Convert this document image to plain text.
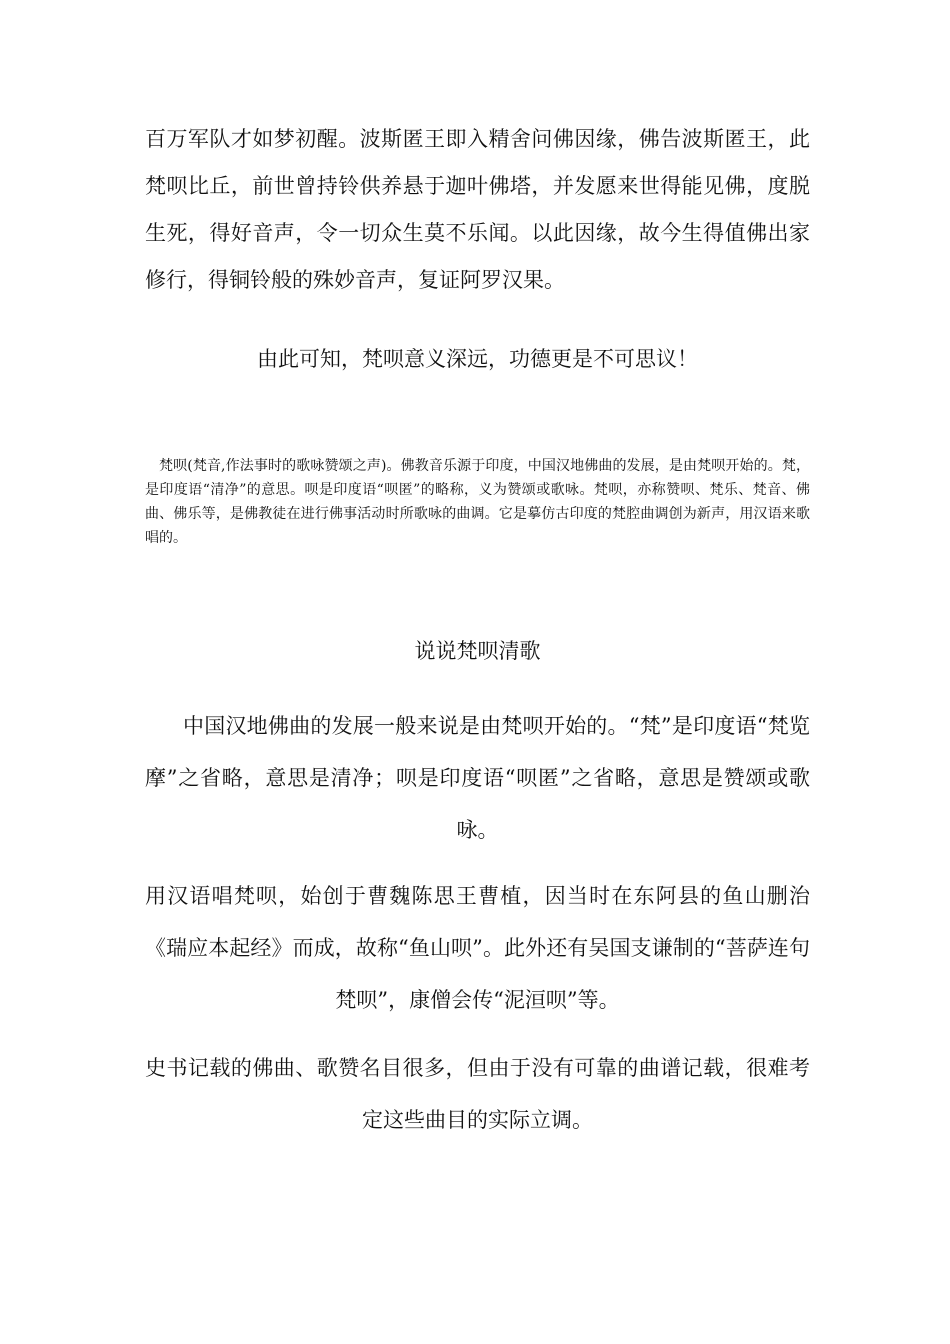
百万军队才如梦初醒。波斯匿王即入精舍问佛因缘，佛告波斯匿王，此梵呗比丘，前世曾持铃供养悬于迦叶佛塔，并发愿来世得能见佛，度脱生死，得好音声，令一切众生莫不乐闻。以此因缘，故今生得值佛出家修行，得铜铃般的殊妙音声，复证阿罗汉果。

由此可知，梵呗意义深远，功德更是不可思议！

梵呗(梵音,作法事时的歌咏赞颂之声)。佛教音乐源于印度，中国汉地佛曲的发展，是由梵呗开始的。梵，是印度语“清净”的意思。呗是印度语“呗匿”的略称，义为赞颂或歌咏。梵呗，亦称赞呗、梵乐、梵音、佛曲、佛乐等，是佛教徒在进行佛事活动时所歌咏的曲调。它是摹仿古印度的梵腔曲调创为新声，用汉语来歌唱的。

说说梵呗清歌

中国汉地佛曲的发展一般来说是由梵呗开始的。“梵”是印度语“梵览摩”之省略，意思是清净；呗是印度语“呗匿”之省略，意思是赞颂或歌咏。

用汉语唱梵呗，始创于曹魏陈思王曹植，因当时在东阿县的鱼山删治《瑞应本起经》而成，故称“鱼山呗”。此外还有吴国支谦制的“菩萨连句梵呗”，康僧会传“泥洹呗”等。

史书记载的佛曲、歌赞名目很多，但由于没有可靠的曲谱记载，很难考定这些曲目的实际立调。
